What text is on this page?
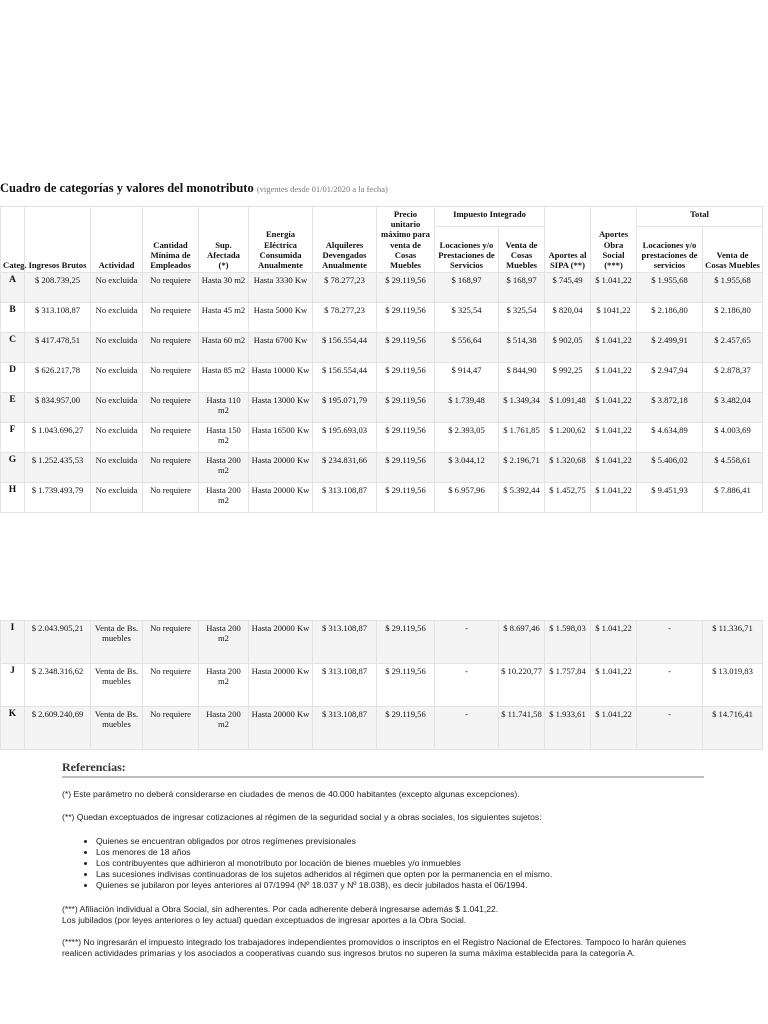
Cuadro de categorías y valores del monotributo (vigentes desde 01/01/2020 a la fecha)
Categ.	Ingresos Brutos	Actividad	Cantidad Mínima de Empleados	Sup. Afectada (*)	Energía Eléctrica Consumida Anualmente	Alquileres Devengados Anualmente	Precio unitario máximo para venta de Cosas Muebles	Impuesto Integrado		Aportes al SIPA (**)	Aportes Obra Social (***)	Total	
								Locaciones y/o Prestaciones de Servicios	Venta de Cosas Muebles			Locaciones y/o prestaciones de servicios	Venta de Cosas Muebles
A	$ 208.739,25	No excluida	No requiere	Hasta 30 m2	Hasta 3330 Kw	$ 78.277,23	$ 29.119,56	$ 168,97	$ 168,97	$ 745,49	$ 1.041,22	$ 1.955,68	$ 1.955,68
B	$ 313.108,87	No excluida	No requiere	Hasta 45 m2	Hasta 5000 Kw	$ 78.277,23	$ 29.119,56	$ 325,54	$ 325,54	$ 820,04	$ 1041,22	$ 2.186,80	$ 2.186,80
C	$ 417.478,51	No excluida	No requiere	Hasta 60 m2	Hasta 6700 Kw	$ 156.554,44	$ 29.119,56	$ 556,64	$ 514,38	$ 902,05	$ 1.041,22	$ 2.499,91	$ 2.457,65
D	$ 626.217,78	No excluida	No requiere	Hasta 85 m2	Hasta 10000 Kw	$ 156.554,44	$ 29.119,56	$ 914,47	$ 844,90	$ 992,25	$ 1.041,22	$ 2.947,94	$ 2.878,37
E	$ 834.957,00	No excluida	No requiere	Hasta 110 m2	Hasta 13000 Kw	$ 195.071,79	$ 29.119,56	$ 1.739,48	$ 1.349,34	$ 1.091,48	$ 1.041,22	$ 3.872,18	$ 3.482,04
F	$ 1.043.696,27	No excluida	No requiere	Hasta 150 m2	Hasta 16500 Kw	$ 195.693,03	$ 29.119,56	$ 2.393,05	$ 1.761,85	$ 1.200,62	$ 1.041,22	$ 4.634,89	$ 4.003,69
G	$ 1.252.435,53	No excluida	No requiere	Hasta 200 m2	Hasta 20000 Kw	$ 234.831,66	$ 29.119,56	$ 3.044,12	$ 2.196,71	$ 1.320,68	$ 1.041,22	$ 5.406,02	$ 4.558,61
H	$ 1.739.493,79	No excluida	No requiere	Hasta 200 m2	Hasta 20000 Kw	$ 313.108,87	$ 29.119,56	$ 6.957,96	$ 5.392,44	$ 1.452,75	$ 1.041,22	$ 9.451,93	$ 7.886,41
I	$ 2.043.905,21	Venta de Bs. muebles	No requiere	Hasta 200 m2	Hasta 20000 Kw	$ 313.108,87	$ 29.119,56	-	$ 8.697,46	$ 1.598,03	$ 1.041,22	-	$ 11.336,71
J	$ 2.348.316,62	Venta de Bs. muebles	No requiere	Hasta 200 m2	Hasta 20000 Kw	$ 313.108,87	$ 29.119,56	-	$ 10.220,77	$ 1.757,84	$ 1.041,22	-	$ 13.019,83
K	$ 2.609.240,69	Venta de Bs. muebles	No requiere	Hasta 200 m2	Hasta 20000 Kw	$ 313.108,87	$ 29.119,56	-	$ 11.741,58	$ 1.933,61	$ 1.041,22	-	$ 14.716,41
Referencias:

(*) Este parámetro no deberá considerarse en ciudades de menos de 40.000 habitantes (excepto algunas excepciones).

(**) Quedan exceptuados de ingresar cotizaciones al régimen de la seguridad social y a obras sociales, los siguientes sujetos:

• Quienes se encuentran obligados por otros regímenes previsionales
• Los menores de 18 años
• Los contribuyentes que adhirieron al monotributo por locación de bienes muebles y/o inmuebles
• Las sucesiones indivisas continuadoras de los sujetos adheridos al régimen que opten por la permanencia en el mismo.
• Quienes se jubilaron por leyes anteriores al 07/1994 (Nº 18.037 y Nº 18.038), es decir jubilados hasta el 06/1994.

(***) Afiliación individual a Obra Social, sin adherentes. Por cada adherente deberá ingresarse además $ 1.041,22.

Los jubilados (por leyes anteriores o ley actual) quedan exceptuados de ingresar aportes a la Obra Social.

(****) No ingresarán el impuesto integrado los trabajadores independientes promovidos o inscriptos en el Registro Nacional de Efectores. Tampoco lo harán quienes realicen actividades primarias y los asociados a cooperativas cuando sus ingresos brutos no superen la suma máxima establecida para la categoría A.
